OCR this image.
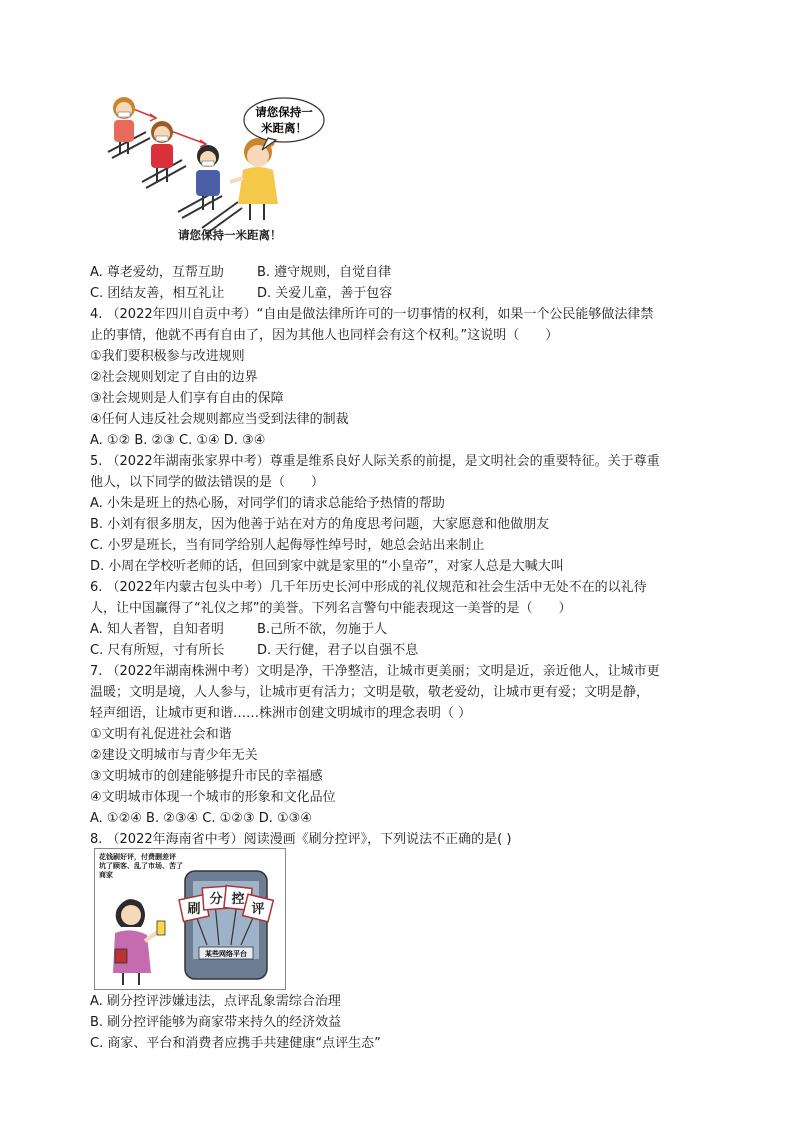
请您保持一
米距离！
请您保持一米距离！
A. 尊老爱幼，互帮互助	B. 遵守规则，自觉自律
C. 团结友善，相互礼让	D. 关爱儿童，善于包容
4. （2022年四川自贡中考）“自由是做法律所许可的一切事情的权利，如果一个公民能够做法律禁
止的事情，他就不再有自由了，因为其他人也同样会有这个权利。”这说明（　　）
①我们要积极参与改进规则
②社会规则划定了自由的边界
③社会规则是人们享有自由的保障
④任何人违反社会规则都应当受到法律的制裁
A. ①② B. ②③ C. ①④ D. ③④
5. （2022年湖南张家界中考）尊重是维系良好人际关系的前提，是文明社会的重要特征。关于尊重
他人，以下同学的做法错误的是（　　）
A. 小朱是班上的热心肠，对同学们的请求总能给予热情的帮助
B. 小刘有很多朋友，因为他善于站在对方的角度思考问题，大家愿意和他做朋友
C. 小罗是班长，当有同学给别人起侮辱性绰号时，她总会站出来制止
D. 小周在学校听老师的话，但回到家中就是家里的“小皇帝”，对家人总是大喊大叫
6. （2022年内蒙古包头中考）几千年历史长河中形成的礼仪规范和社会生活中无处不在的以礼待
人，让中国赢得了“礼仪之邦”的美誉。下列名言警句中能表现这一美誉的是（　　）
A. 知人者智，自知者明	B.己所不欲，勿施于人
C. 尺有所短，寸有所长	D. 天行健，君子以自强不息
7. （2022年湖南株洲中考）文明是净，干净整洁，让城市更美丽；文明是近，亲近他人，让城市更
温暖；文明是境，人人参与，让城市更有活力；文明是敬，敬老爱幼，让城市更有爱；文明是静，
轻声细语，让城市更和谐……株洲市创建文明城市的理念表明（ ）
①文明有礼促进社会和谐
②建设文明城市与青少年无关
③文明城市的创建能够提升市民的幸福感
④文明城市体现一个城市的形象和文化品位
A. ①②④ B. ②③④ C. ①②③ D. ①③④
8. （2022年海南省中考）阅读漫画《刷分控评》，下列说法不正确的是( )
花钱刷好评，付费删差评 坑了顾客、乱了市场、苦了商家
某些网络平台
刷
分 控
评
A. 刷分控评涉嫌违法，点评乱象需综合治理
B. 刷分控评能够为商家带来持久的经济效益
C. 商家、平台和消费者应携手共建健康“点评生态”
